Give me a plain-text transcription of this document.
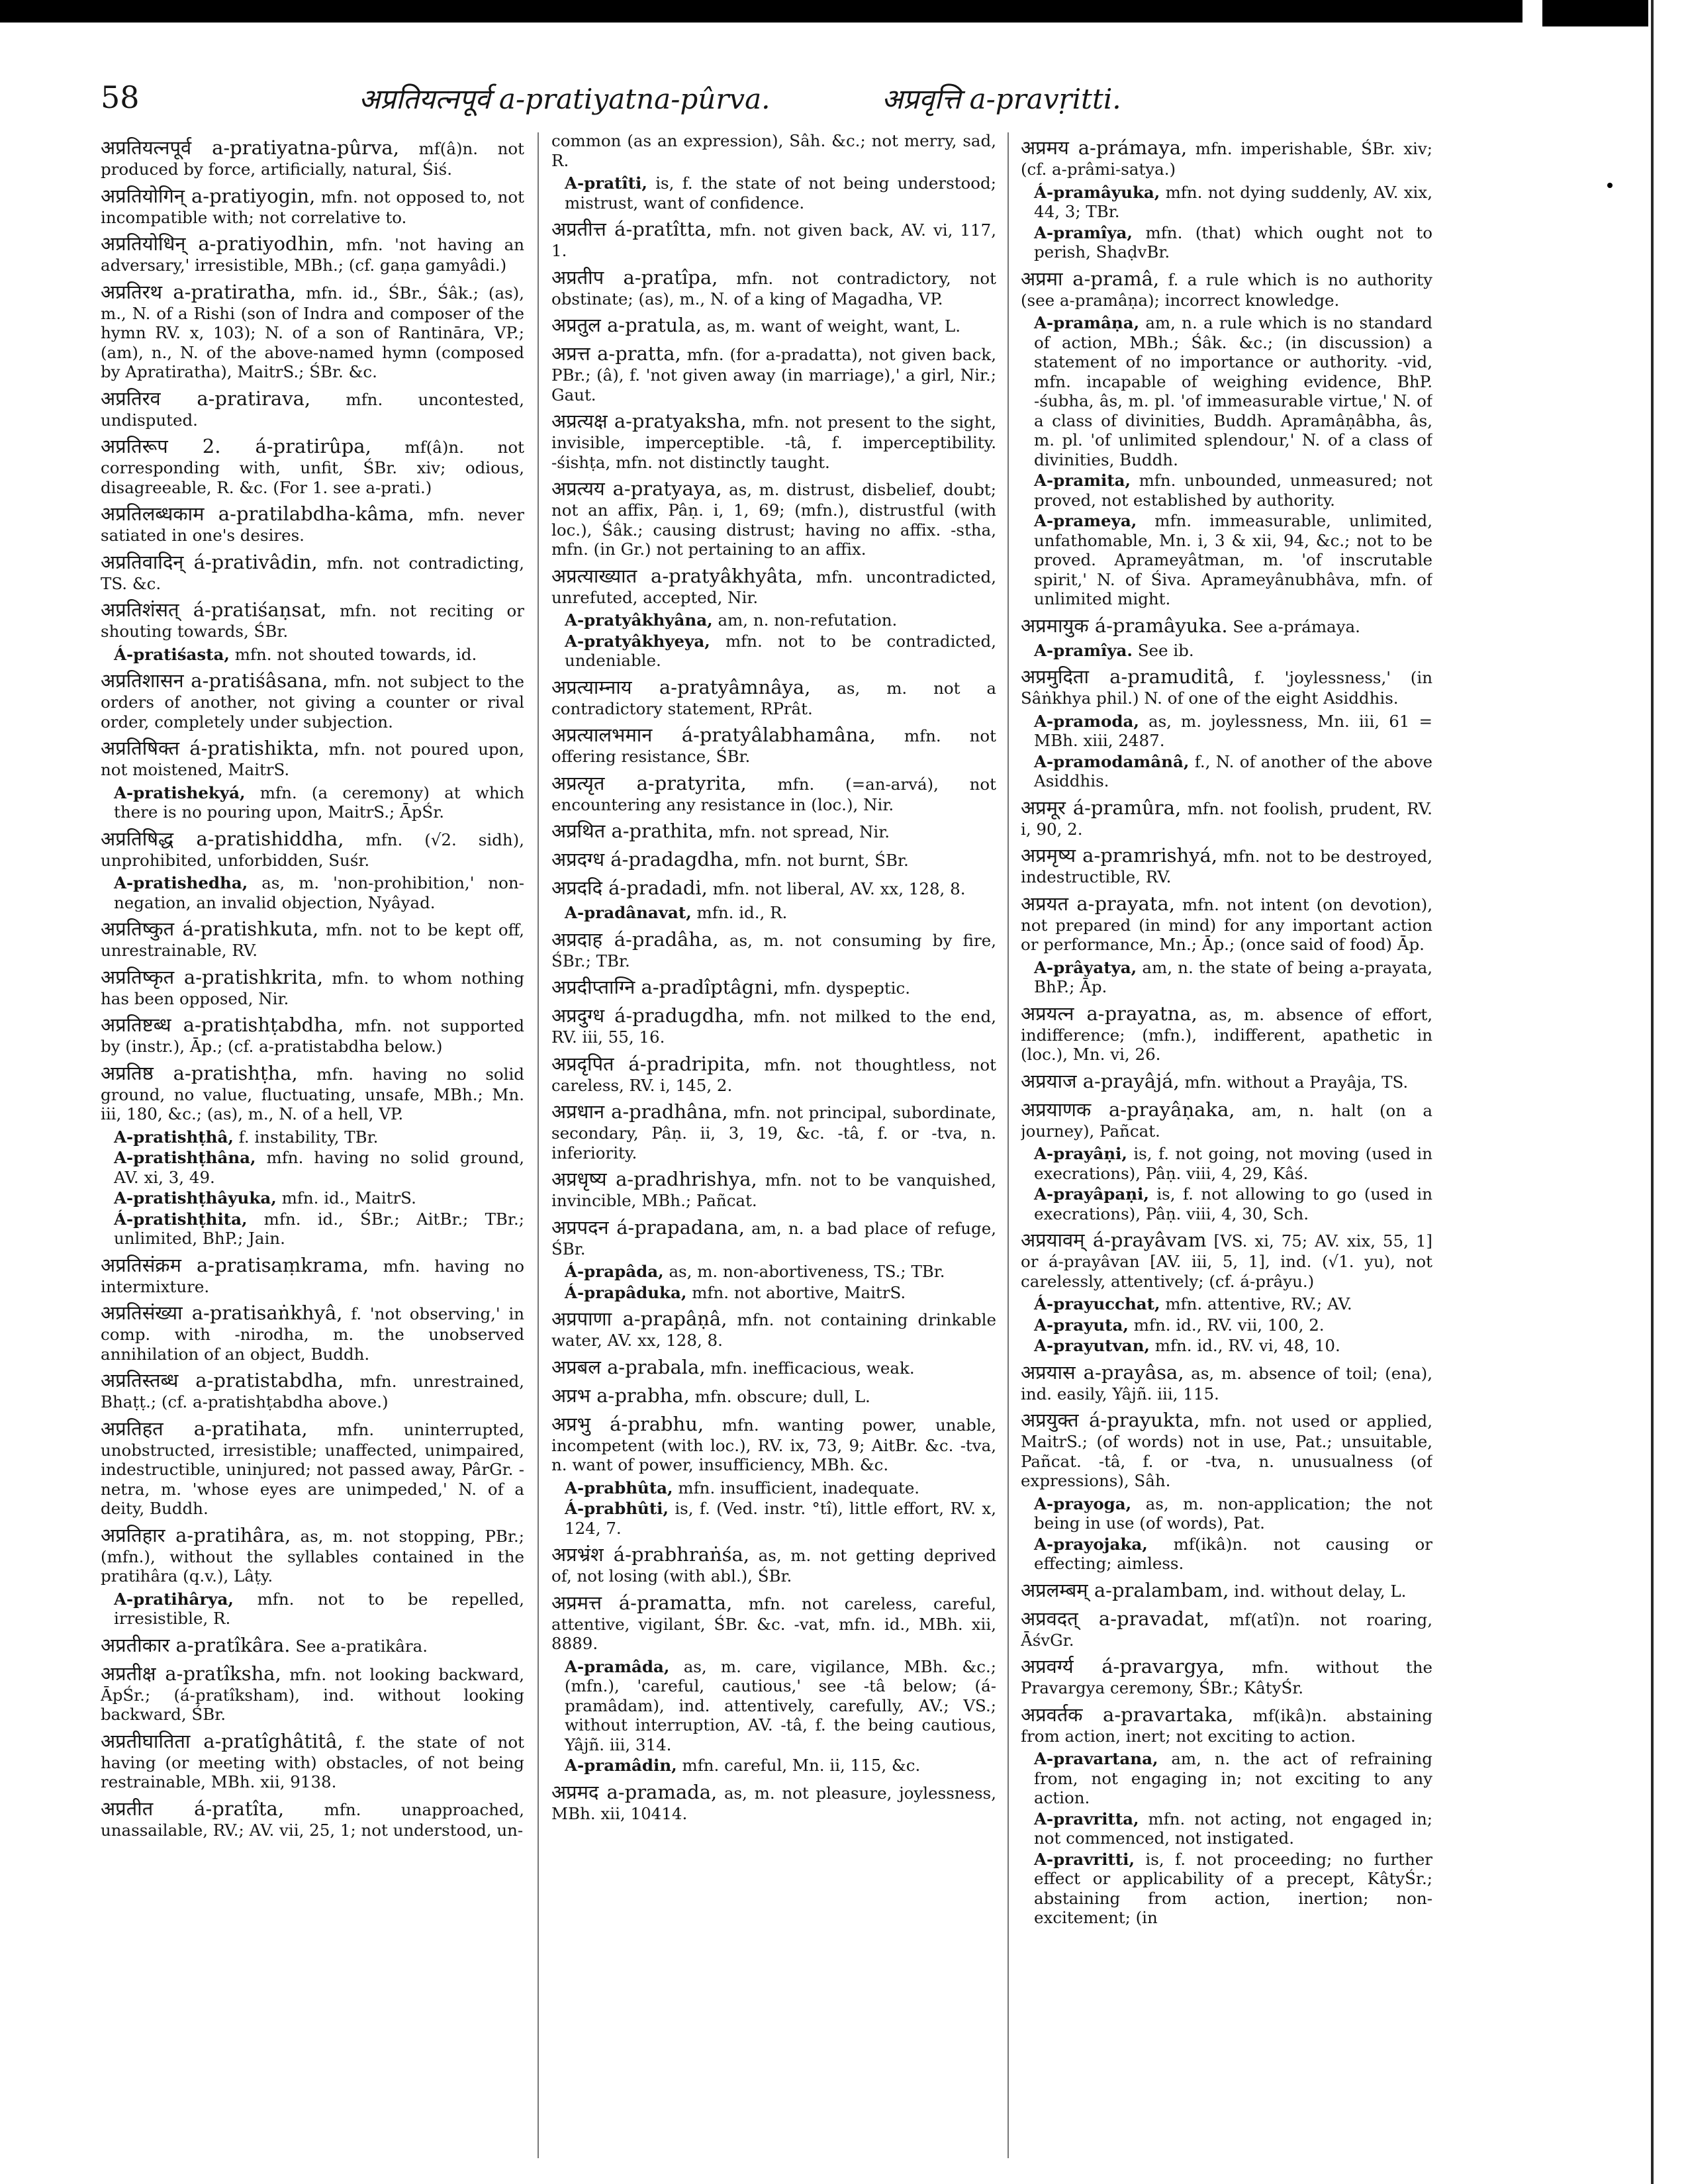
58	अप्रतियत्नपूर्व a-pratiyatna-pûrva.	अप्रवृत्ति a-pravṛitti.

अप्रतियत्नपूर्व a-pratiyatna-pûrva, mf(â)n. not produced by force, artificially, natural, Śiś.

अप्रतियोगिन् a-pratiyogin, mfn. not opposed to, not incompatible with; not correlative to.

अप्रतियोधिन् a-pratiyodhin, mfn. 'not having an adversary,' irresistible, MBh.; (cf. gaṇa gamyâdi.)

अप्रतिरथ a-pratiratha, mfn. id., ŚBr., Śâk.; (as), m., N. of a Rishi (son of Indra and composer of the hymn RV. x, 103); N. of a son of Rantināra, VP.; (am), n., N. of the above-named hymn (composed by Apratiratha), MaitrS.; ŚBr. &c.

अप्रतिरव a-pratirava, mfn. uncontested, undisputed.

अप्रतिरूप 2. á-pratirûpa, mf(â)n. not corresponding with, unfit, ŚBr. xiv; odious, disagreeable, R. &c. (For 1. see a-prati.)

अप्रतिलब्धकाम a-pratilabdha-kâma, mfn. never satiated in one's desires.

अप्रतिवादिन् á-prativâdin, mfn. not contradicting, TS. &c.

अप्रतिशंसत् á-pratiśaṇsat, mfn. not reciting or shouting towards, ŚBr.

Á-pratiśasta, mfn. not shouted towards, id.

अप्रतिशासन a-pratiśâsana, mfn. not subject to the orders of another, not giving a counter or rival order, completely under subjection.

अप्रतिषिक्त á-pratishikta, mfn. not poured upon, not moistened, MaitrS.

A-pratishekyá, mfn. (a ceremony) at which there is no pouring upon, MaitrS.; ĀpŚr.

अप्रतिषिद्ध a-pratishiddha, mfn. (√2. sidh), unprohibited, unforbidden, Suśr.

A-pratishedha, as, m. 'non-prohibition,' non-negation, an invalid objection, Nyâyad.

अप्रतिष्कुत á-pratishkuta, mfn. not to be kept off, unrestrainable, RV.

अप्रतिष्कृत a-pratishkrita, mfn. to whom nothing has been opposed, Nir.

अप्रतिष्टब्ध a-pratishṭabdha, mfn. not supported by (instr.), Āp.; (cf. a-pratistabdha below.)

अप्रतिष्ठ a-pratishṭha, mfn. having no solid ground, no value, fluctuating, unsafe, MBh.; Mn. iii, 180, &c.; (as), m., N. of a hell, VP.

A-pratishṭhâ, f. instability, TBr.

A-pratishṭhâna, mfn. having no solid ground, AV. xi, 3, 49.

A-pratishṭhâyuka, mfn. id., MaitrS.

Á-pratishṭhita, mfn. id., ŚBr.; AitBr.; TBr.; unlimited, BhP.; Jain.

अप्रतिसंक्रम a-pratisaṃkrama, mfn. having no intermixture.

अप्रतिसंख्या a-pratisaṅkhyâ, f. 'not observing,' in comp. with -nirodha, m. the unobserved annihilation of an object, Buddh.

अप्रतिस्तब्ध a-pratistabdha, mfn. unrestrained, Bhaṭṭ.; (cf. a-pratishṭabdha above.)

अप्रतिहत a-pratihata, mfn. uninterrupted, unobstructed, irresistible; unaffected, unimpaired, indestructible, uninjured; not passed away, PârGr. -netra, m. 'whose eyes are unimpeded,' N. of a deity, Buddh.

अप्रतिहार a-pratihâra, as, m. not stopping, PBr.; (mfn.), without the syllables contained in the pratihâra (q.v.), Lâṭy.

A-pratihârya, mfn. not to be repelled, irresistible, R.

अप्रतीकार a-pratîkâra. See a-pratikâra.

अप्रतीक्ष a-pratîksha, mfn. not looking backward, ĀpŚr.; (á-pratîksham), ind. without looking backward, ŚBr.

अप्रतीघातिता a-pratîghâtitâ, f. the state of not having (or meeting with) obstacles, of not being restrainable, MBh. xii, 9138.

अप्रतीत á-pratîta, mfn. unapproached, unassailable, RV.; AV. vii, 25, 1; not understood, un-

common (as an expression), Sâh. &c.; not merry, sad, R.

A-pratîti, is, f. the state of not being understood; mistrust, want of confidence.

अप्रतीत्त á-pratîtta, mfn. not given back, AV. vi, 117, 1.

अप्रतीप a-pratîpa, mfn. not contradictory, not obstinate; (as), m., N. of a king of Magadha, VP.

अप्रतुल a-pratula, as, m. want of weight, want, L.

अप्रत्त a-pratta, mfn. (for a-pradatta), not given back, PBr.; (â), f. 'not given away (in marriage),' a girl, Nir.; Gaut.

अप्रत्यक्ष a-pratyaksha, mfn. not present to the sight, invisible, imperceptible. -tâ, f. imperceptibility. -śishṭa, mfn. not distinctly taught.

अप्रत्यय a-pratyaya, as, m. distrust, disbelief, doubt; not an affix, Pâṇ. i, 1, 69; (mfn.), distrustful (with loc.), Śâk.; causing distrust; having no affix. -stha, mfn. (in Gr.) not pertaining to an affix.

अप्रत्याख्यात a-pratyâkhyâta, mfn. uncontradicted, unrefuted, accepted, Nir.

A-pratyâkhyâna, am, n. non-refutation.

A-pratyâkhyeya, mfn. not to be contradicted, undeniable.

अप्रत्याम्नाय a-pratyâmnâya, as, m. not a contradictory statement, RPrât.

अप्रत्यालभमान á-pratyâlabhamâna, mfn. not offering resistance, ŚBr.

अप्रत्यृत a-pratyrita, mfn. (=an-arvá), not encountering any resistance in (loc.), Nir.

अप्रथित a-prathita, mfn. not spread, Nir.

अप्रदग्ध á-pradagdha, mfn. not burnt, ŚBr.

अप्रददि á-pradadi, mfn. not liberal, AV. xx, 128, 8.

A-pradânavat, mfn. id., R.

अप्रदाह á-pradâha, as, m. not consuming by fire, ŚBr.; TBr.

अप्रदीप्ताग्नि a-pradîptâgni, mfn. dyspeptic.

अप्रदुग्ध á-pradugdha, mfn. not milked to the end, RV. iii, 55, 16.

अप्रदृपित á-pradripita, mfn. not thoughtless, not careless, RV. i, 145, 2.

अप्रधान a-pradhâna, mfn. not principal, subordinate, secondary, Pâṇ. ii, 3, 19, &c. -tâ, f. or -tva, n. inferiority.

अप्रधृष्य a-pradhrishya, mfn. not to be vanquished, invincible, MBh.; Pañcat.

अप्रपदन á-prapadana, am, n. a bad place of refuge, ŚBr.

Á-prapâda, as, m. non-abortiveness, TS.; TBr.

Á-prapâduka, mfn. not abortive, MaitrS.

अप्रपाणा a-prapâṇâ, mfn. not containing drinkable water, AV. xx, 128, 8.

अप्रबल a-prabala, mfn. inefficacious, weak.

अप्रभ a-prabha, mfn. obscure; dull, L.

अप्रभु á-prabhu, mfn. wanting power, unable, incompetent (with loc.), RV. ix, 73, 9; AitBr. &c. -tva, n. want of power, insufficiency, MBh. &c.

A-prabhûta, mfn. insufficient, inadequate.

Á-prabhûti, is, f. (Ved. instr. °tî), little effort, RV. x, 124, 7.

अप्रभ्रंश á-prabhraṅśa, as, m. not getting deprived of, not losing (with abl.), ŚBr.

अप्रमत्त á-pramatta, mfn. not careless, careful, attentive, vigilant, ŚBr. &c. -vat, mfn. id., MBh. xii, 8889.

A-pramâda, as, m. care, vigilance, MBh. &c.; (mfn.), 'careful, cautious,' see -tâ below; (á-pramâdam), ind. attentively, carefully, AV.; VS.; without interruption, AV. -tâ, f. the being cautious, Yâjñ. iii, 314.

A-pramâdin, mfn. careful, Mn. ii, 115, &c.

अप्रमद a-pramada, as, m. not pleasure, joylessness, MBh. xii, 10414.

अप्रमय a-prámaya, mfn. imperishable, ŚBr. xiv; (cf. a-prâmi-satya.)

Á-pramâyuka, mfn. not dying suddenly, AV. xix, 44, 3; TBr.

A-pramîya, mfn. (that) which ought not to perish, ShaḍvBr.

अप्रमा a-pramâ, f. a rule which is no authority (see a-pramâṇa); incorrect knowledge.

A-pramâṇa, am, n. a rule which is no standard of action, MBh.; Śâk. &c.; (in discussion) a statement of no importance or authority. -vid, mfn. incapable of weighing evidence, BhP. -śubha, âs, m. pl. 'of immeasurable virtue,' N. of a class of divinities, Buddh. Apramâṇâbha, âs, m. pl. 'of unlimited splendour,' N. of a class of divinities, Buddh.

A-pramita, mfn. unbounded, unmeasured; not proved, not established by authority.

A-prameya, mfn. immeasurable, unlimited, unfathomable, Mn. i, 3 & xii, 94, &c.; not to be proved. Aprameyâtman, m. 'of inscrutable spirit,' N. of Śiva. Aprameyânubhâva, mfn. of unlimited might.

अप्रमायुक á-pramâyuka. See a-prámaya.

A-pramîya. See ib.

अप्रमुदिता a-pramuditâ, f. 'joylessness,' (in Sâṅkhya phil.) N. of one of the eight Asiddhis.

A-pramoda, as, m. joylessness, Mn. iii, 61 = MBh. xiii, 2487.

A-pramodamânâ, f., N. of another of the above Asiddhis.

अप्रमूर á-pramûra, mfn. not foolish, prudent, RV. i, 90, 2.

अप्रमृष्य a-pramrishyá, mfn. not to be destroyed, indestructible, RV.

अप्रयत a-prayata, mfn. not intent (on devotion), not prepared (in mind) for any important action or performance, Mn.; Āp.; (once said of food) Āp.

A-prâyatya, am, n. the state of being a-prayata, BhP.; Āp.

अप्रयत्न a-prayatna, as, m. absence of effort, indifference; (mfn.), indifferent, apathetic in (loc.), Mn. vi, 26.

अप्रयाज a-prayâjá, mfn. without a Prayâja, TS.

अप्रयाणक a-prayâṇaka, am, n. halt (on a journey), Pañcat.

A-prayâṇi, is, f. not going, not moving (used in execrations), Pâṇ. viii, 4, 29, Kâś.

A-prayâpaṇi, is, f. not allowing to go (used in execrations), Pâṇ. viii, 4, 30, Sch.

अप्रयावम् á-prayâvam [VS. xi, 75; AV. xix, 55, 1] or á-prayâvan [AV. iii, 5, 1], ind. (√1. yu), not carelessly, attentively; (cf. á-prâyu.)

Á-prayucchat, mfn. attentive, RV.; AV.

A-prayuta, mfn. id., RV. vii, 100, 2.

A-prayutvan, mfn. id., RV. vi, 48, 10.

अप्रयास a-prayâsa, as, m. absence of toil; (ena), ind. easily, Yâjñ. iii, 115.

अप्रयुक्त á-prayukta, mfn. not used or applied, MaitrS.; (of words) not in use, Pat.; unsuitable, Pañcat. -tâ, f. or -tva, n. unusualness (of expressions), Sâh.

A-prayoga, as, m. non-application; the not being in use (of words), Pat.

A-prayojaka, mf(ikâ)n. not causing or effecting; aimless.

अप्रलम्बम् a-pralambam, ind. without delay, L.

अप्रवदत् a-pravadat, mf(atî)n. not roaring, ĀśvGr.

अप्रवर्ग्य á-pravargya, mfn. without the Pravargya ceremony, ŚBr.; KâtyŚr.

अप्रवर्तक a-pravartaka, mf(ikâ)n. abstaining from action, inert; not exciting to action.

A-pravartana, am, n. the act of refraining from, not engaging in; not exciting to any action.

A-pravritta, mfn. not acting, not engaged in; not commenced, not instigated.

A-pravritti, is, f. not proceeding; no further effect or applicability of a precept, KâtyŚr.; abstaining from action, inertion; non-excitement; (in
